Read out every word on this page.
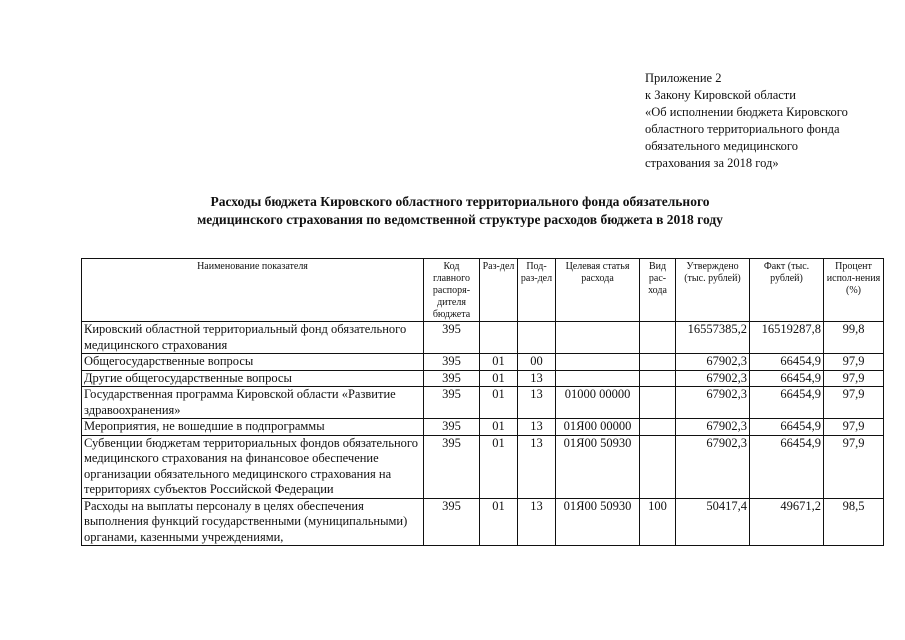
Приложение 2
к Закону Кировской области
«Об исполнении бюджета Кировского
областного территориального фонда
обязательного медицинского
страхования за 2018 год»
Расходы бюджета Кировского областного территориального фонда обязательного
медицинского страхования по ведомственной структуре расходов бюджета в 2018 году
Наименование показателя	Код главного распоря-дителя бюджета	Раз-дел	Под-раз-дел	Целевая статья расхода	Вид рас-хода	Утверждено (тыс. рублей)	Факт (тыс. рублей)	Процент испол-нения (%)
Кировский областной территориальный фонд обязательного медицинского страхования	395					16557385,2	16519287,8	99,8
Общегосударственные вопросы	395	01	00			67902,3	66454,9	97,9
Другие общегосударственные вопросы	395	01	13			67902,3	66454,9	97,9
Государственная программа Кировской области «Развитие здравоохранения»	395	01	13	01000 00000		67902,3	66454,9	97,9
Мероприятия, не вошедшие в подпрограммы	395	01	13	01Я00 00000		67902,3	66454,9	97,9
Субвенции бюджетам территориальных фондов обязательного медицинского страхования на финансовое обеспечение организации обязательного медицинского страхования на территориях субъектов Российской Федерации	395	01	13	01Я00 50930		67902,3	66454,9	97,9
Расходы на выплаты персоналу в целях обеспечения выполнения функций государственными (муниципальными) органами, казенными учреждениями,	395	01	13	01Я00 50930	100	50417,4	49671,2	98,5
